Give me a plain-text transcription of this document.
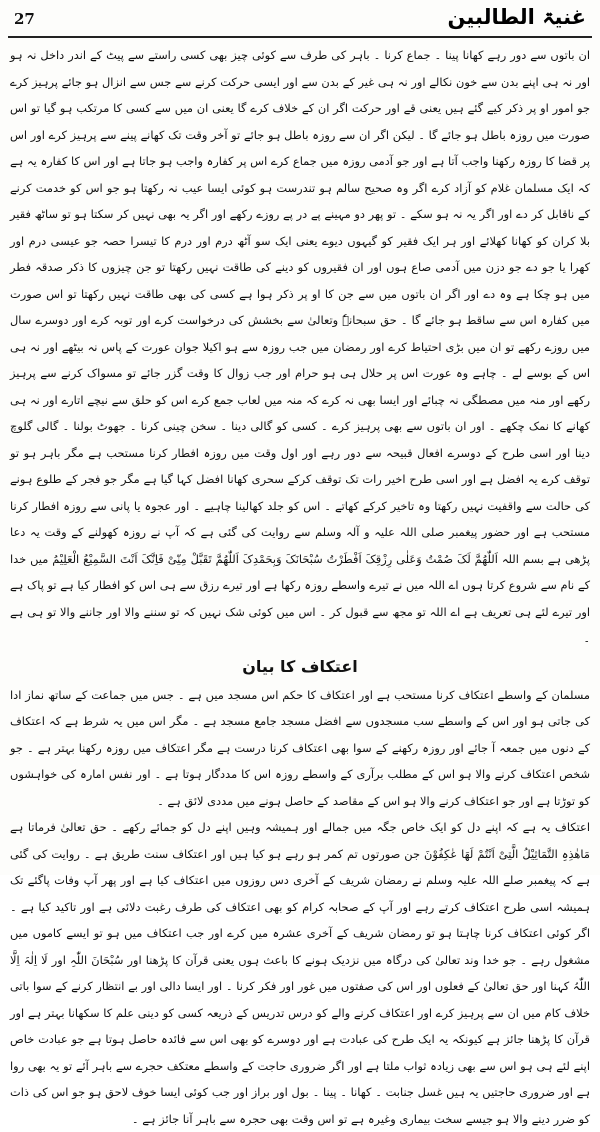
27	غنیۃ الطالبین

ان باتوں سے دور رہے کھانا پینا ۔ جماع کرنا ۔ باہر کی طرف سے کوئی چیز بھی کسی راستے سے پیٹ کے اندر داخل نہ ہو اور نہ ہی اپنے بدن سے خون نکالے اور نہ ہی غیر کے بدن سے اور ایسی حرکت کرنے سے جس سے انزال ہو جائے پرہیز کرے جو امور او پر ذکر کیے گئے ہیں یعنی قے اور حرکت اگر ان کے خلاف کرے گا یعنی ان میں سے کسی کا مرتکب ہو گیا تو اس صورت میں روزہ باطل ہو جائے گا ۔ لیکن اگر ان سے روزہ باطل ہو جائے تو آخر وقت تک کھانے پینے سے پرہیز کرے اور اس پر قضا کا روزہ رکھنا واجب آتا ہے اور جو آدمی روزہ میں جماع کرے اس پر کفارہ واجب ہو جاتا ہے اور اس کا کفارہ یہ ہے کہ ایک مسلمان غلام کو آزاد کرے اگر وہ صحیح سالم ہو تندرست ہو کوئی ایسا عیب نہ رکھتا ہو جو اس کو خدمت کرنے کے ناقابل کر دے اور اگر یہ نہ ہو سکے ۔ تو پھر دو مہینے پے در پے روزے رکھے اور اگر یہ بھی نہیں کر سکتا ہو تو ساٹھ فقیر بلا کران کو کھانا کھلائے اور ہر ایک فقیر کو گیہوں دیوے یعنی ایک سو آٹھ درم اور درم کا تیسرا حصہ جو عیسی درم اور کھرا یا جو دے جو دزن میں آدمی صاع ہوں اور ان فقیروں کو دینے کی طاقت نہیں رکھتا تو جن چیزوں کا ذکر صدقہ فطر میں ہو چکا ہے وہ دے اور اگر ان باتوں میں سے جن کا او پر ذکر ہوا ہے کسی کی بھی طاقت نہیں رکھتا تو اس صورت میں کفارہ اس سے ساقط ہو جائے گا ۔ حق سبحانہٗ وتعالیٰ سے بخشش کی درخواست کرے اور توبہ کرے اور دوسرے سال میں روزے رکھے تو ان میں بڑی احتیاط کرے اور رمضان میں جب روزہ سے ہو اکیلا جوان عورت کے پاس نہ بیٹھے اور نہ ہی اس کے بوسے لے ۔ چاہے وہ عورت اس پر حلال ہی ہو حرام اور جب زوال کا وقت گزر جائے تو مسواک کرنے سے پرہیز رکھے اور منہ میں مصطگی نہ چبائے اور ایسا بھی نہ کرے کہ منہ میں لعاب جمع کرے اس کو حلق سے نیچے اتارے اور نہ ہی کھانے کا نمک چکھے ۔ اور ان باتوں سے بھی پرہیز کرے ۔ کسی کو گالی دینا ۔ سخن چینی کرنا ۔ جھوٹ بولنا ۔ گالی گلوچ دینا اور اسی طرح کے دوسرے افعال قبیحہ سے دور رہے اور اول وقت میں روزہ افطار کرنا مستحب ہے مگر باہر ہو تو توقف کرے یہ افضل ہے اور اسی طرح اخیر رات تک توقف کرکے سحری کھانا افضل کہا گیا ہے مگر جو فجر کے طلوع ہونے کی حالت سے واقفیت نہیں رکھتا وہ تاخیر کرکے کھاتے ۔ اس کو جلد کھالینا چاہیے ۔ اور عجوہ یا پانی سے روزہ افطار کرنا مستحب ہے اور حضور پیغمبر صلی اللہ علیہ و آلہ وسلم سے روایت کی گئی ہے کہ آپ نے روزہ کھولنے کے وقت یہ دعا پڑھی ہے بسم اللہ اَللّٰھُمَّ لَکَ صُمْتُ وَعَلٰی رِزْقِکَ اَفْطَرْتُ سُبْحَانَکَ وَبِحَمْدِکَ اَللّٰھُمَّ تَقَبَّلْ مِنِّیْ فَاِنَّکَ اَنْتَ السَّمِیْعُ الْعَلِیْمُ میں خدا کے نام سے شروع کرتا ہوں اے اللہ میں نے تیرے واسطے روزہ رکھا ہے اور تیرے رزق سے ہی اس کو افطار کیا ہے تو پاک ہے اور تیرے لئے ہی تعریف ہے اے اللہ تو مجھ سے قبول کر ۔ اس میں کوئی شک نہیں کہ تو سننے والا اور جاننے والا تو ہی ہے ۔

اعتکاف کا بیان

مسلمان کے واسطے اعتکاف کرنا مستحب ہے اور اعتکاف کا حکم اس مسجد میں ہے ۔ جس میں جماعت کے ساتھ نماز ادا کی جاتی ہو اور اس کے واسطے سب مسجدوں سے افضل مسجد جامع مسجد ہے ۔ مگر اس میں یہ شرط ہے کہ اعتکاف کے دنوں میں جمعہ آ جائے اور روزہ رکھنے کے سوا بھی اعتکاف کرنا درست ہے مگر اعتکاف میں روزہ رکھنا بہتر ہے ۔ جو شخص اعتکاف کرنے والا ہو اس کے مطلب برآری کے واسطے روزہ اس کا مددگار ہوتا ہے ۔ اور نفس امارہ کی خواہشوں کو توڑتا ہے اور جو اعتکاف کرنے والا ہو اس کے مقاصد کے حاصل ہونے میں مددی لائق ہے ۔

اعتکاف یہ ہے کہ اپنے دل کو ایک خاص جگہ میں جمالے اور ہمیشہ وہیں اپنے دل کو جمائے رکھے ۔ حق تعالیٰ فرماتا ہے مَاھٰذِہِ التَّمَاثِیْلُ الَّتِیْ اَنْتُمْ لَھَا عٰکِفُوْنَ جن صورتوں تم کمر ہو رہے ہو کیا ہیں اور اعتکاف سنت طریق ہے ۔ روایت کی گئی ہے کہ پیغمبر صلے اللہ علیہ وسلم نے رمضان شریف کے آخری دس روزوں میں اعتکاف کیا ہے اور پھر آپ وفات پاگئے تک ہمیشہ اسی طرح اعتکاف کرتے رہے اور آپ کے صحابہ کرام کو بھی اعتکاف کی طرف رغبت دلائی ہے اور تاکید کیا ہے ۔ اگر کوئی اعتکاف کرنا چاہتا ہو تو رمضان شریف کے آخری عشرہ میں کرے اور جب اعتکاف میں ہو تو ایسے کاموں میں مشغول رہے ۔ جو خدا وند تعالیٰ کی درگاہ میں نزدیک ہونے کا باعث ہوں یعنی قرآن کا پڑھنا اور سُبْحَانَ اللّٰہِ اور لَا اِلٰہَ اِلَّا اللّٰہُ کہنا اور حق تعالیٰ کے فعلوں اور اس کی صفتوں میں غور اور فکر کرنا ۔ اور ایسا دالی اور بے انتظار کرنے کے سوا باتی خلاف کام میں ان سے پرہیز کرے اور اعتکاف کرنے والے کو درس تدریس کے ذریعہ کسی کو دینی علم کا سکھانا بہتر ہے اور قرآن کا پڑھنا جائز ہے کیونکہ یہ ایک طرح کی عبادت ہے اور دوسرے کو بھی اس سے فائدہ حاصل ہوتا ہے جو عبادت خاص اپنے لئے ہی ہو اس سے بھی زیادہ ثواب ملتا ہے اور اگر ضروری حاجت کے واسطے معتکف حجرے سے باہر آئے تو یہ بھی روا ہے اور ضروری حاجتیں یہ ہیں غسل جنابت ۔ کھانا ۔ پینا ۔ بول اور براز اور جب کوئی ایسا خوف لاحق ہو جو اس کی ذات کو ضرر دینے والا ہو جیسے سخت بیماری وغیرہ ہے تو اس وقت بھی حجرہ سے باہر آنا جائز ہے ۔
